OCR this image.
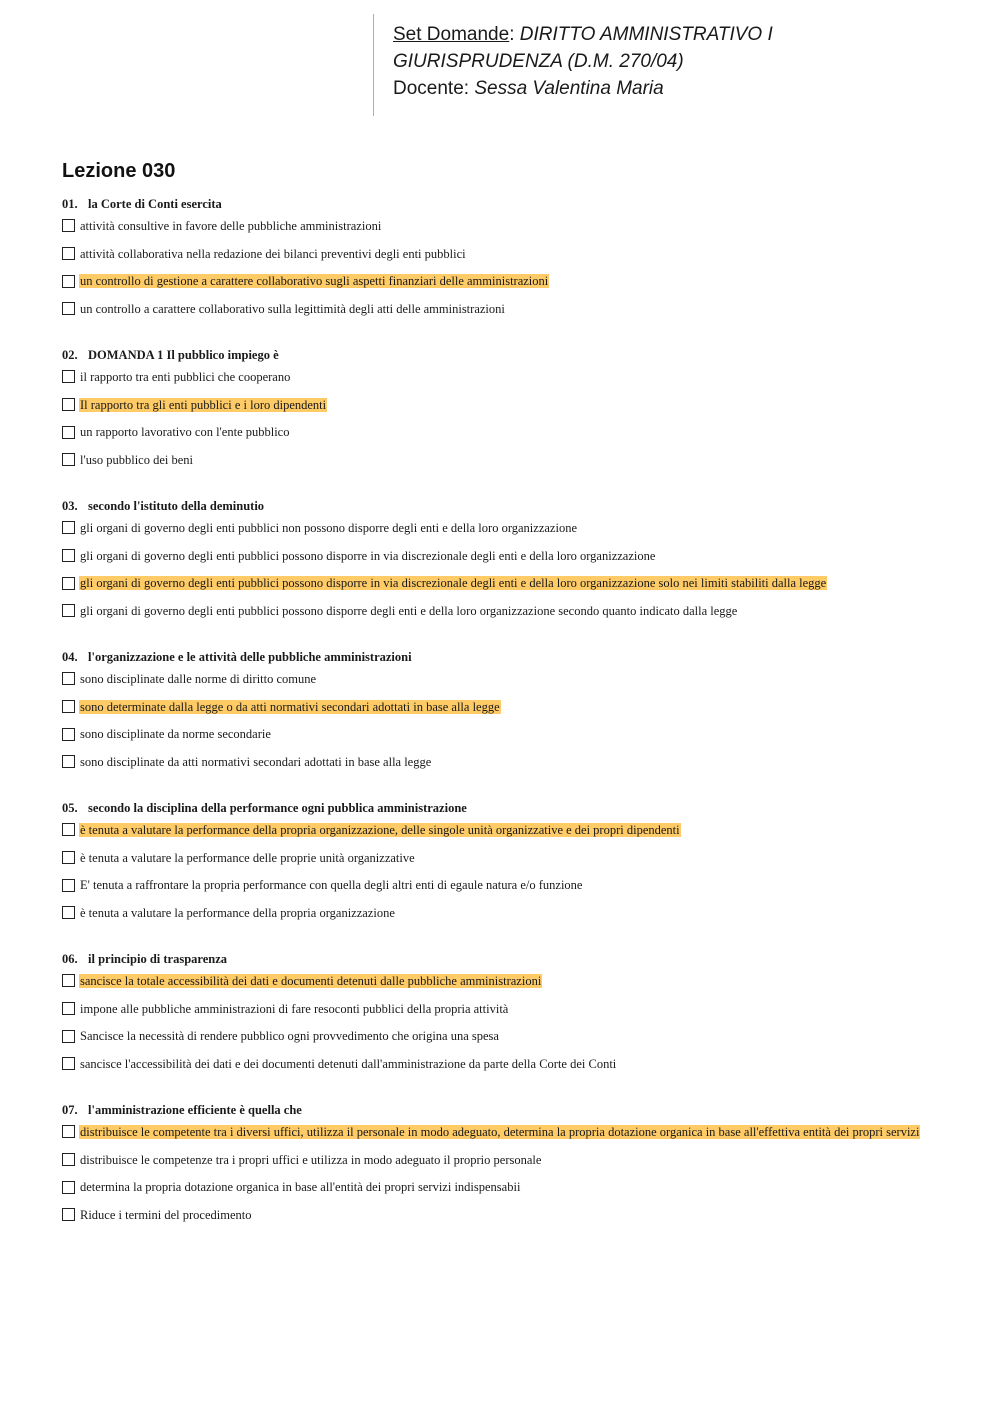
Set Domande: DIRITTO AMMINISTRATIVO I
GIURISPRUDENZA (D.M. 270/04)
Docente: Sessa Valentina Maria
Lezione 030
01. la Corte di Conti esercita
attività consultive in favore delle pubbliche amministrazioni
attività collaborativa nella redazione dei bilanci preventivi degli enti pubblici
un controllo di gestione a carattere collaborativo sugli aspetti finanziari delle amministrazioni
un controllo a carattere collaborativo sulla legittimità degli atti delle amministrazioni
02. DOMANDA 1 Il pubblico impiego è
il rapporto tra enti pubblici che cooperano
Il rapporto tra gli enti pubblici e i loro dipendenti
un rapporto lavorativo con l'ente pubblico
l'uso pubblico dei beni
03. secondo l'istituto della deminutio
gli organi di governo degli enti pubblici non possono disporre degli enti e della loro organizzazione
gli organi di governo degli enti pubblici possono disporre in via discrezionale degli enti e della loro organizzazione
gli organi di governo degli enti pubblici possono disporre in via discrezionale degli enti e della loro organizzazione solo nei limiti stabiliti dalla legge
gli organi di governo degli enti pubblici possono disporre degli enti e della loro organizzazione secondo quanto indicato dalla legge
04. l'organizzazione e le attività delle pubbliche amministrazioni
sono disciplinate dalle norme di diritto comune
sono determinate dalla legge o da atti normativi secondari adottati in base alla legge
sono disciplinate da norme secondarie
sono disciplinate da atti normativi secondari adottati in base alla legge
05. secondo la disciplina della performance ogni pubblica amministrazione
è tenuta a valutare la performance della propria organizzazione, delle singole unità organizzative e dei propri dipendenti
è tenuta a valutare la performance delle proprie unità organizzative
E' tenuta a raffrontare la propria performance con quella degli altri enti di egaule natura e/o funzione
è tenuta a valutare la performance della propria organizzazione
06. il principio di trasparenza
sancisce la totale accessibilità dei dati e documenti detenuti dalle pubbliche amministrazioni
impone alle pubbliche amministrazioni di fare resoconti pubblici della propria attività
Sancisce la necessità di rendere pubblico ogni provvedimento che origina una spesa
sancisce l'accessibilità dei dati e dei documenti detenuti dall'amministrazione da parte della Corte dei Conti
07. l'amministrazione efficiente è quella che
distribuisce le competente tra i diversi uffici, utilizza il personale in modo adeguato, determina la propria dotazione organica in base all'effettiva entità dei propri servizi
distribuisce le competenze tra i propri uffici e utilizza in modo adeguato il proprio personale
determina la propria dotazione organica in base all'entità dei propri servizi indispensabii
Riduce i termini del procedimento
